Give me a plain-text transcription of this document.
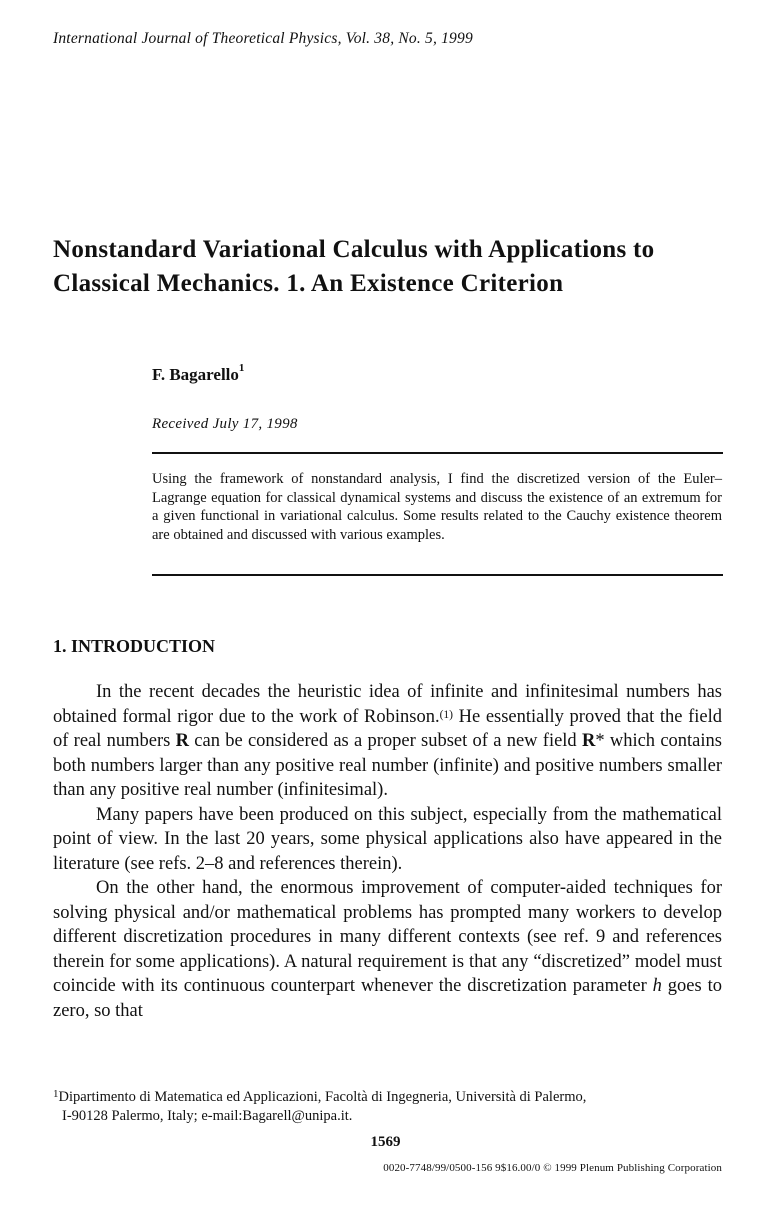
International Journal of Theoretical Physics, Vol. 38, No. 5, 1999
Nonstandard Variational Calculus with Applications to Classical Mechanics. 1. An Existence Criterion
F. Bagarello$^1$
Received July 17, 1998

Using the framework of nonstandard analysis, I find the discretized version of the Euler–Lagrange equation for classical dynamical systems and discuss the existence of an extremum for a given functional in variational calculus. Some results related to the Cauchy existence theorem are obtained and discussed with various examples.

1. INTRODUCTION

In the recent decades the heuristic idea of infinite and infinitesimal numbers has obtained formal rigor due to the work of Robinson.$^{(1)}$ He essentially proved that the field of real numbers R can be considered as a proper subset of a new field R* which contains both numbers larger than any positive real number (infinite) and positive numbers smaller than any positive real number (infinitesimal).

Many papers have been produced on this subject, especially from the mathematical point of view. In the last 20 years, some physical applications also have appeared in the literature (see refs. 2–8 and references therein).

On the other hand, the enormous improvement of computer-aided techniques for solving physical and/or mathematical problems has prompted many workers to develop different discretization procedures in many different contexts (see ref. 9 and references therein for some applications). A natural requirement is that any “discretized” model must coincide with its continuous counterpart whenever the discretization parameter h goes to zero, so that

$^1$Dipartimento di Matematica ed Applicazioni, Facoltà di Ingegneria, Università di Palermo,
I-90128 Palermo, Italy; e-mail:Bagarell@unipa.it.
1569
0020-7748/99/0500-156 9$16.00/0 © 1999 Plenum Publishing Corporation
